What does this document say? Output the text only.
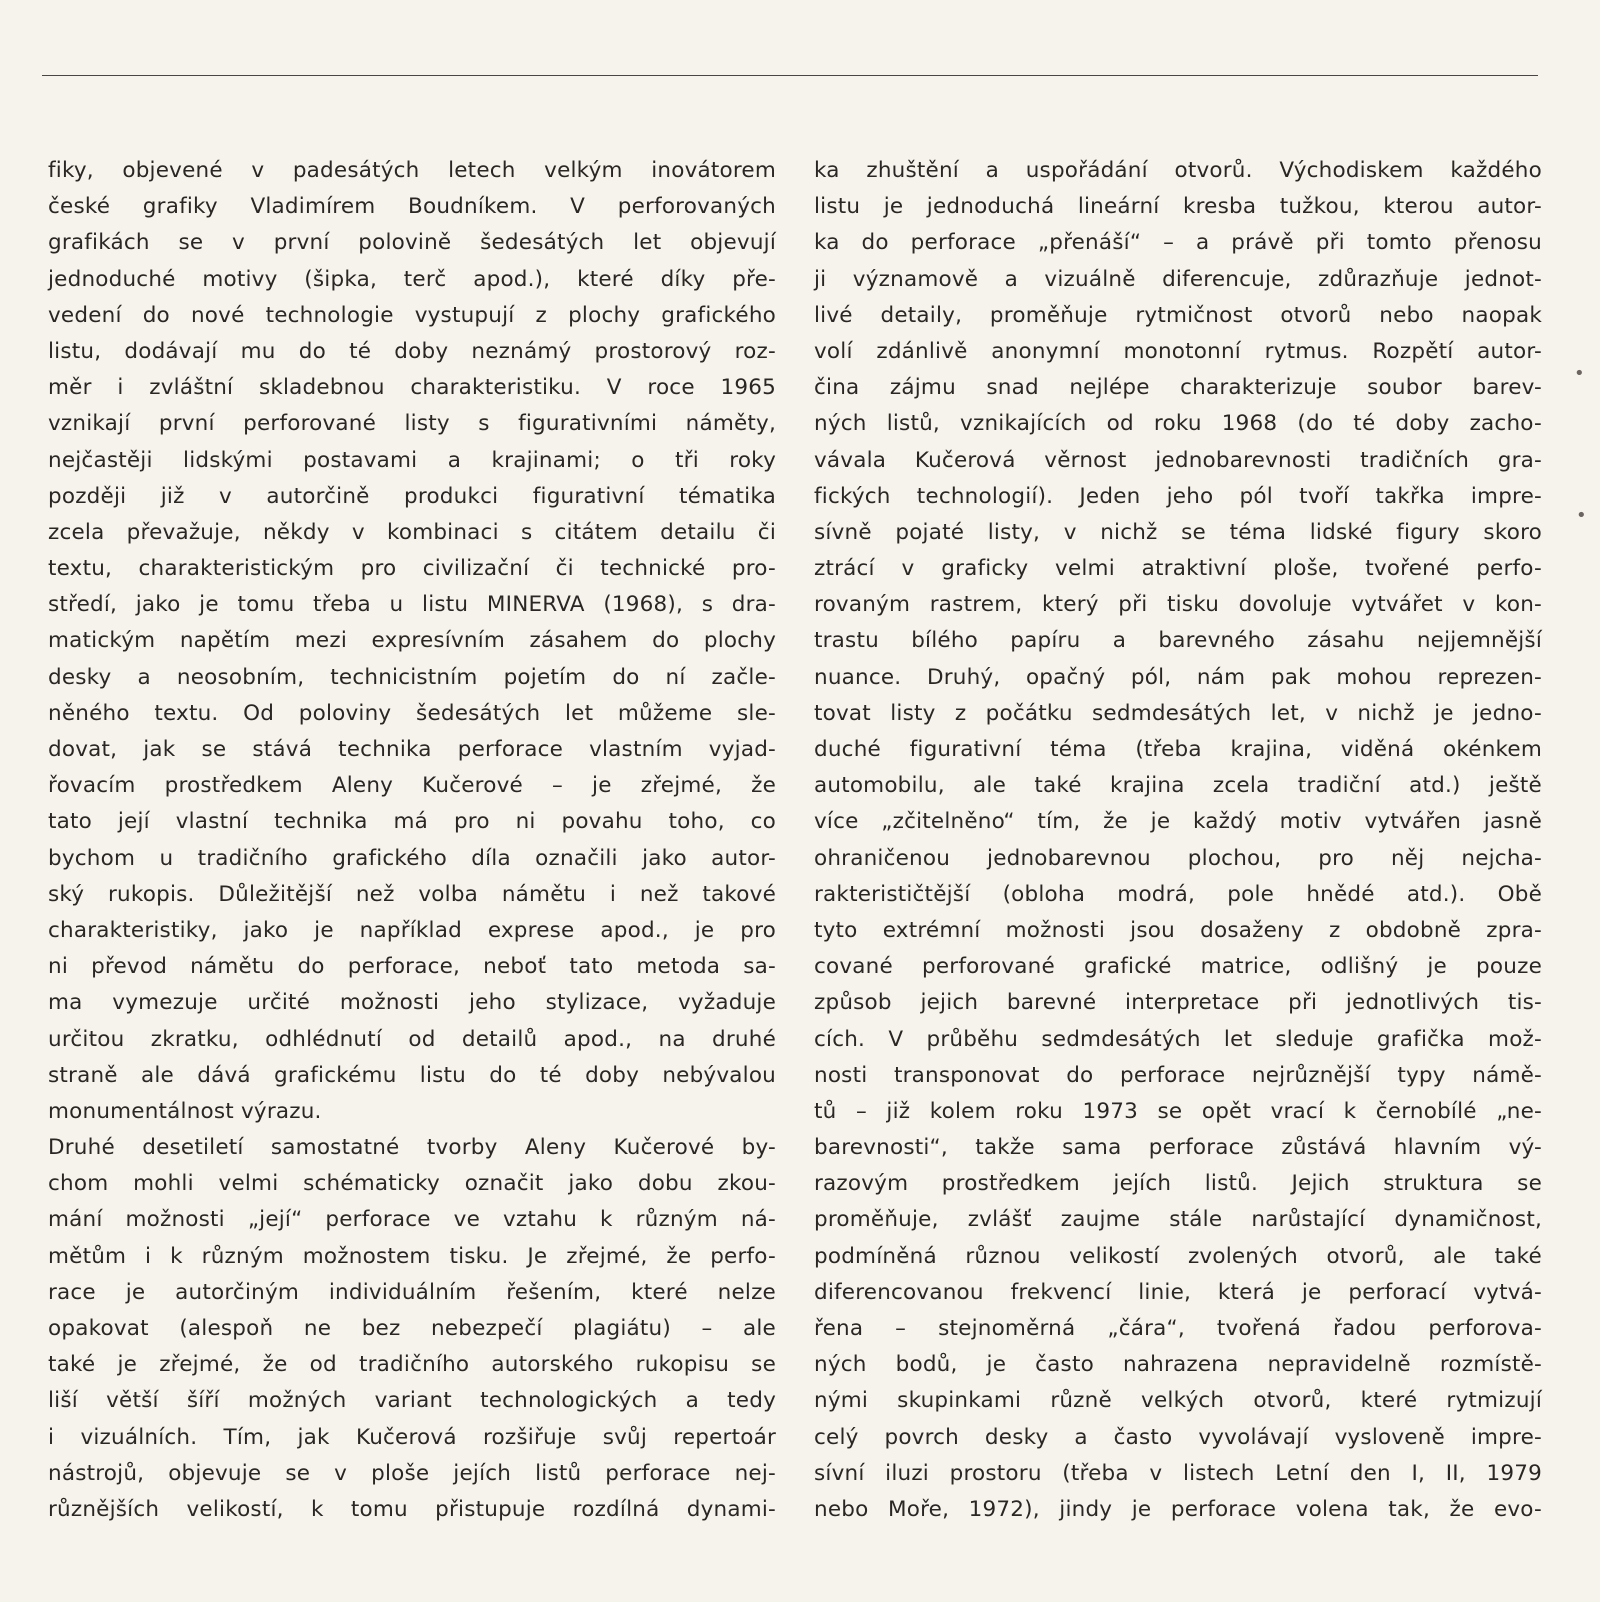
fiky, objevené v padesátých letech velkým inovátorem
české grafiky Vladimírem Boudníkem. V perforovaných
grafikách se v první polovině šedesátých let objevují
jednoduché motivy (šipka, terč apod.), které díky pře-
vedení do nové technologie vystupují z plochy grafického
listu, dodávají mu do té doby neznámý prostorový roz-
měr i zvláštní skladebnou charakteristiku. V roce 1965
vznikají první perforované listy s figurativními náměty,
nejčastěji lidskými postavami a krajinami; o tři roky
později již v autorčině produkci figurativní tématika
zcela převažuje, někdy v kombinaci s citátem detailu či
textu, charakteristickým pro civilizační či technické pro-
středí, jako je tomu třeba u listu MINERVA (1968), s dra-
matickým napětím mezi expresívním zásahem do plochy
desky a neosobním, technicistním pojetím do ní začle-
něného textu. Od poloviny šedesátých let můžeme sle-
dovat, jak se stává technika perforace vlastním vyjad-
řovacím prostředkem Aleny Kučerové – je zřejmé, že
tato její vlastní technika má pro ni povahu toho, co
bychom u tradičního grafického díla označili jako autor-
ský rukopis. Důležitější než volba námětu i než takové
charakteristiky, jako je například exprese apod., je pro
ni převod námětu do perforace, neboť tato metoda sa-
ma vymezuje určité možnosti jeho stylizace, vyžaduje
určitou zkratku, odhlédnutí od detailů apod., na druhé
straně ale dává grafickému listu do té doby nebývalou
monumentálnost výrazu.
Druhé desetiletí samostatné tvorby Aleny Kučerové by-
chom mohli velmi schématicky označit jako dobu zkou-
mání možnosti „její“ perforace ve vztahu k různým ná-
mětům i k různým možnostem tisku. Je zřejmé, že perfo-
race je autorčiným individuálním řešením, které nelze
opakovat (alespoň ne bez nebezpečí plagiátu) – ale
také je zřejmé, že od tradičního autorského rukopisu se
liší větší šíří možných variant technologických a tedy
i vizuálních. Tím, jak Kučerová rozšiřuje svůj repertoár
nástrojů, objevuje se v ploše jejích listů perforace nej-
různějších velikostí, k tomu přistupuje rozdílná dynami-
ka zhuštění a uspořádání otvorů. Východiskem každého
listu je jednoduchá lineární kresba tužkou, kterou autor-
ka do perforace „přenáší“ – a právě při tomto přenosu
ji významově a vizuálně diferencuje, zdůrazňuje jednot-
livé detaily, proměňuje rytmičnost otvorů nebo naopak
volí zdánlivě anonymní monotonní rytmus. Rozpětí autor-
čina zájmu snad nejlépe charakterizuje soubor barev-
ných listů, vznikajících od roku 1968 (do té doby zacho-
vávala Kučerová věrnost jednobarevnosti tradičních gra-
fických technologií). Jeden jeho pól tvoří takřka impre-
sívně pojaté listy, v nichž se téma lidské figury skoro
ztrácí v graficky velmi atraktivní ploše, tvořené perfo-
rovaným rastrem, který při tisku dovoluje vytvářet v kon-
trastu bílého papíru a barevného zásahu nejjemnější
nuance. Druhý, opačný pól, nám pak mohou reprezen-
tovat listy z počátku sedmdesátých let, v nichž je jedno-
duché figurativní téma (třeba krajina, viděná okénkem
automobilu, ale také krajina zcela tradiční atd.) ještě
více „zčitelněno“ tím, že je každý motiv vytvářen jasně
ohraničenou jednobarevnou plochou, pro něj nejcha-
rakterističtější (obloha modrá, pole hnědé atd.). Obě
tyto extrémní možnosti jsou dosaženy z obdobně zpra-
cované perforované grafické matrice, odlišný je pouze
způsob jejich barevné interpretace při jednotlivých tis-
cích. V průběhu sedmdesátých let sleduje grafička mož-
nosti transponovat do perforace nejrůznější typy námě-
tů – již kolem roku 1973 se opět vrací k černobílé „ne-
barevnosti“, takže sama perforace zůstává hlavním vý-
razovým prostředkem jejích listů. Jejich struktura se
proměňuje, zvlášť zaujme stále narůstající dynamičnost,
podmíněná různou velikostí zvolených otvorů, ale také
diferencovanou frekvencí linie, která je perforací vytvá-
řena – stejnoměrná „čára“, tvořená řadou perforova-
ných bodů, je často nahrazena nepravidelně rozmístě-
nými skupinkami různě velkých otvorů, které rytmizují
celý povrch desky a často vyvolávají vysloveně impre-
sívní iluzi prostoru (třeba v listech Letní den I, II, 1979
nebo Moře, 1972), jindy je perforace volena tak, že evo-
•
•
